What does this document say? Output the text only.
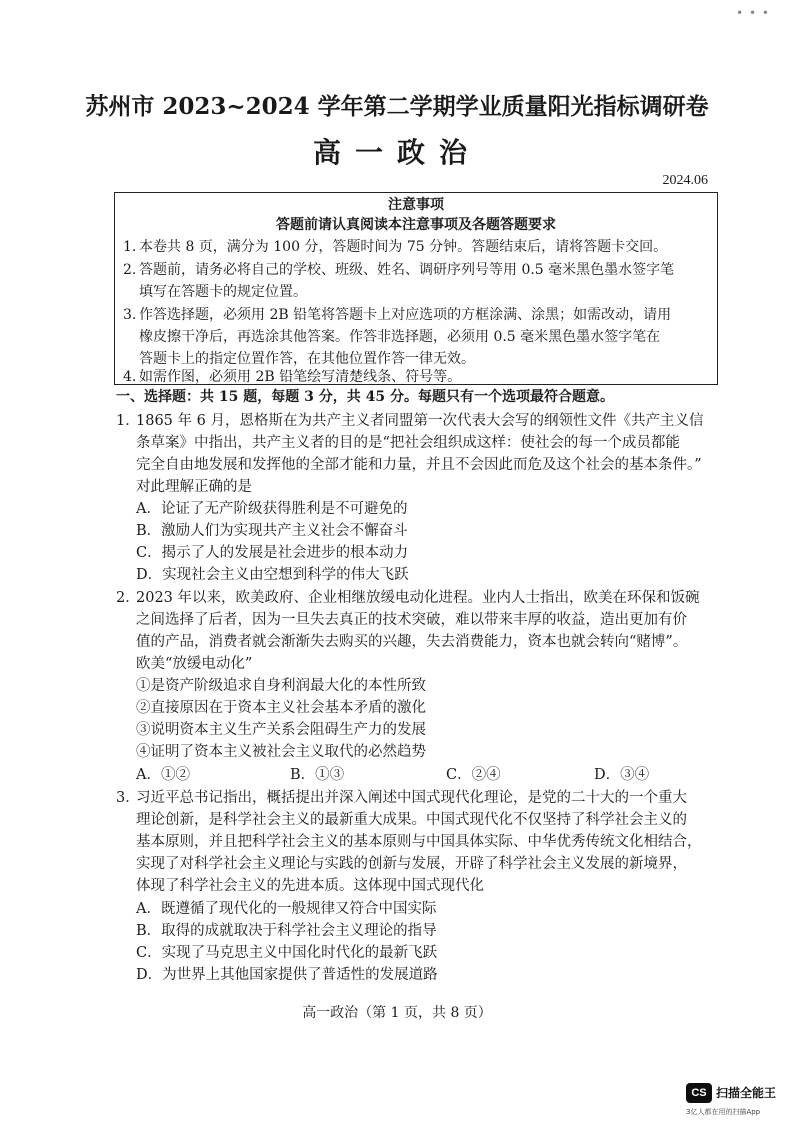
• • •
苏州市 2023~2024 学年第二学期学业质量阳光指标调研卷
高一政治
2024.06
注意事项
答题前请认真阅读本注意事项及各题答题要求
1. 本卷共 8 页，满分为 100 分，答题时间为 75 分钟。答题结束后，请将答题卡交回。
2. 答题前，请务必将自己的学校、班级、姓名、调研序列号等用 0.5 毫米黑色墨水签字笔
填写在答题卡的规定位置。
3. 作答选择题，必须用 2B 铅笔将答题卡上对应选项的方框涂满、涂黑；如需改动，请用
橡皮擦干净后，再选涂其他答案。作答非选择题，必须用 0.5 毫米黑色墨水签字笔在
答题卡上的指定位置作答，在其他位置作答一律无效。
4. 如需作图，必须用 2B 铅笔绘写清楚线条、符号等。
一、选择题：共 15 题，每题 3 分，共 45 分。每题只有一个选项最符合题意。
1．
1865 年 6 月，恩格斯在为共产主义者同盟第一次代表大会写的纲领性文件《共产主义信
条草案》中指出，共产主义者的目的是“把社会组织成这样：使社会的每一个成员都能
完全自由地发展和发挥他的全部才能和力量，并且不会因此而危及这个社会的基本条件。”
对此理解正确的是
A．论证了无产阶级获得胜利是不可避免的
B．激励人们为实现共产主义社会不懈奋斗
C．揭示了人的发展是社会进步的根本动力
D．实现社会主义由空想到科学的伟大飞跃
2．
2023 年以来，欧美政府、企业相继放缓电动化进程。业内人士指出，欧美在环保和饭碗
之间选择了后者，因为一旦失去真正的技术突破，难以带来丰厚的收益，造出更加有价
值的产品，消费者就会渐渐失去购买的兴趣，失去消费能力，资本也就会转向“赌博”。
欧美“放缓电动化”
①是资产阶级追求自身利润最大化的本性所致
②直接原因在于资本主义社会基本矛盾的激化
③说明资本主义生产关系会阻碍生产力的发展
④证明了资本主义被社会主义取代的必然趋势
A．①②	B．①③	C．②④	D．③④
3．
习近平总书记指出，概括提出并深入阐述中国式现代化理论，是党的二十大的一个重大
理论创新，是科学社会主义的最新重大成果。中国式现代化不仅坚持了科学社会主义的
基本原则，并且把科学社会主义的基本原则与中国具体实际、中华优秀传统文化相结合，
实现了对科学社会主义理论与实践的创新与发展，开辟了科学社会主义发展的新境界，
体现了科学社会主义的先进本质。这体现中国式现代化
A．既遵循了现代化的一般规律又符合中国实际
B．取得的成就取决于科学社会主义理论的指导
C．实现了马克思主义中国化时代化的最新飞跃
D．为世界上其他国家提供了普适性的发展道路
高一政治（第 1 页，共 8 页）
CS 扫描全能王
3亿人都在用的扫描App
